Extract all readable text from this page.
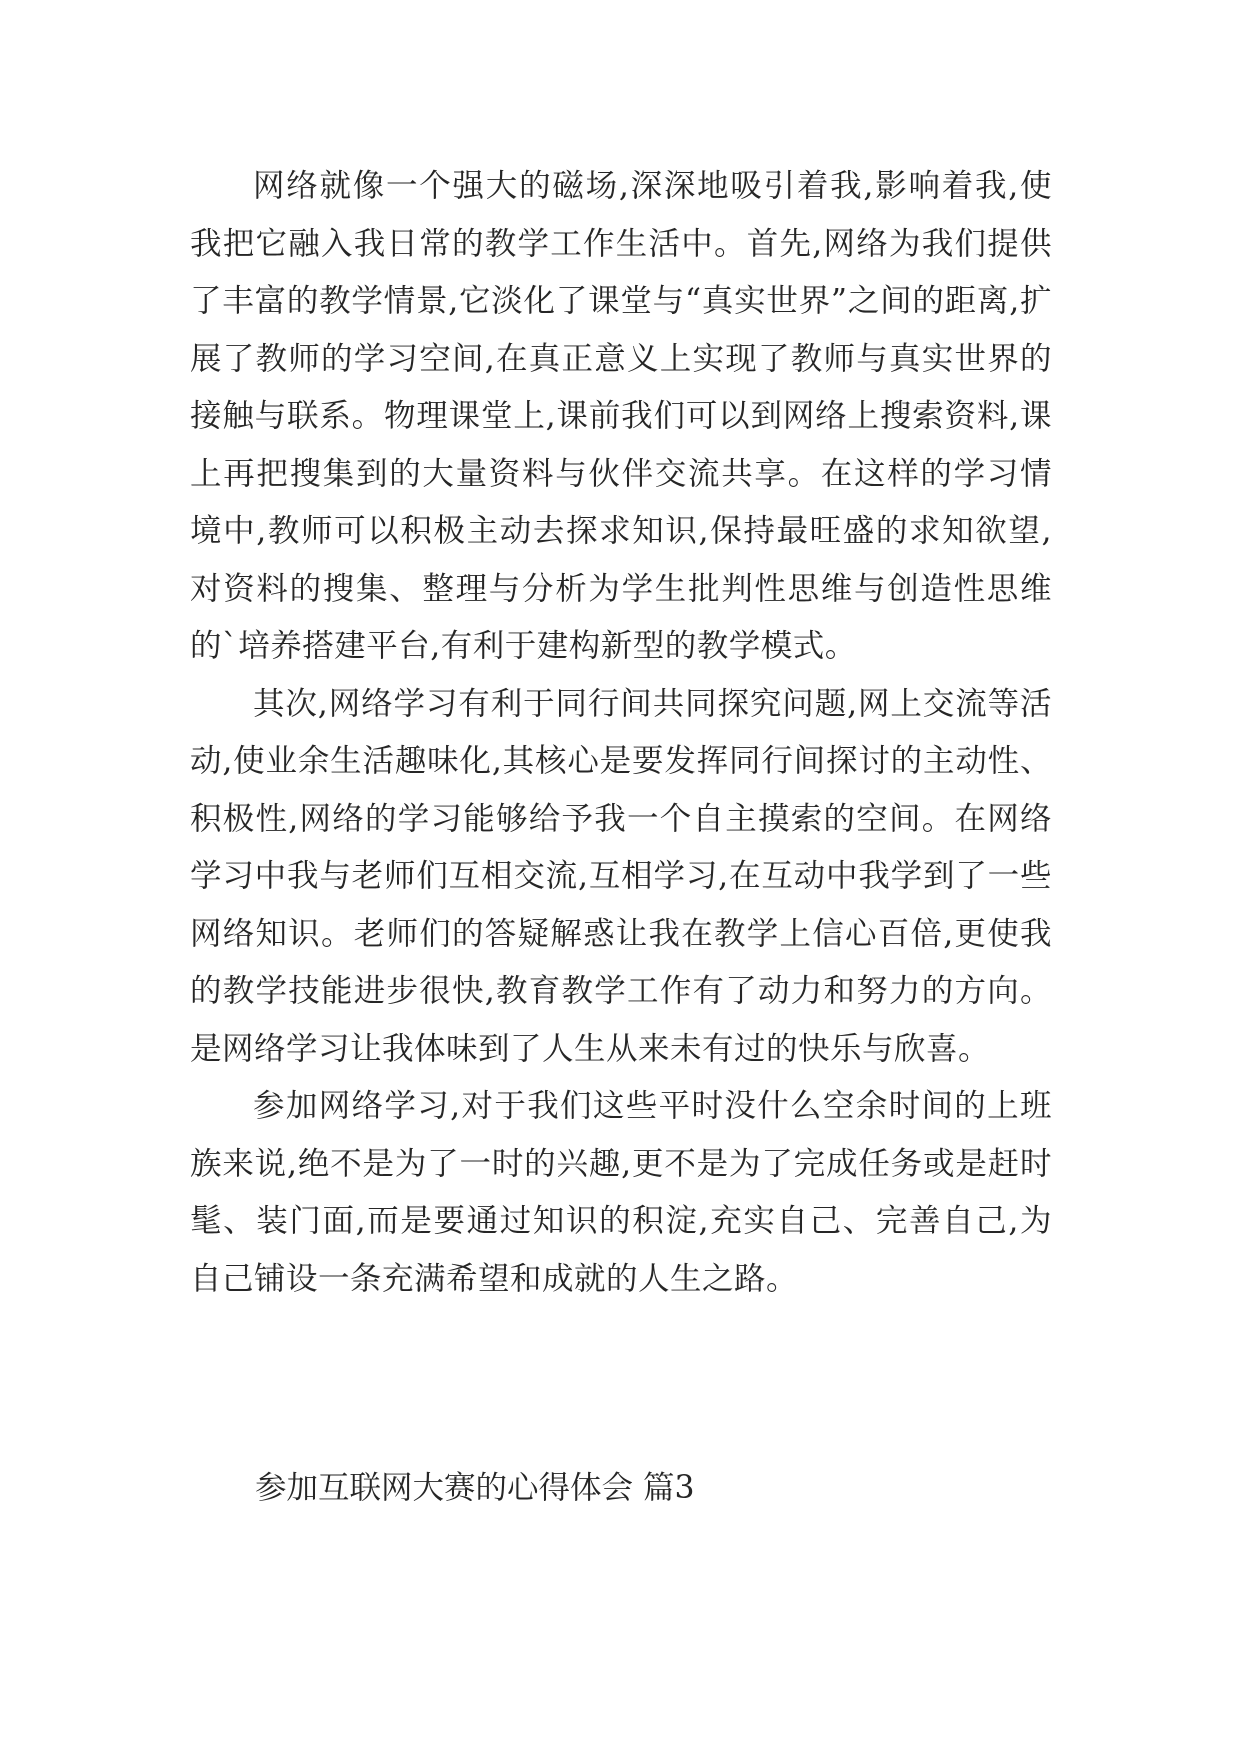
网络就像一个强大的磁场,深深地吸引着我,影响着我,使我把它融入我日常的教学工作生活中。首先,网络为我们提供了丰富的教学情景,它淡化了课堂与“真实世界”之间的距离,扩展了教师的学习空间,在真正意义上实现了教师与真实世界的接触与联系。物理课堂上,课前我们可以到网络上搜索资料,课上再把搜集到的大量资料与伙伴交流共享。在这样的学习情境中,教师可以积极主动去探求知识,保持最旺盛的求知欲望,对资料的搜集、整理与分析为学生批判性思维与创造性思维的`培养搭建平台,有利于建构新型的教学模式。

其次,网络学习有利于同行间共同探究问题,网上交流等活动,使业余生活趣味化,其核心是要发挥同行间探讨的主动性、积极性,网络的学习能够给予我一个自主摸索的空间。在网络学习中我与老师们互相交流,互相学习,在互动中我学到了一些网络知识。老师们的答疑解惑让我在教学上信心百倍,更使我的教学技能进步很快,教育教学工作有了动力和努力的方向。是网络学习让我体味到了人生从来未有过的快乐与欣喜。

参加网络学习,对于我们这些平时没什么空余时间的上班族来说,绝不是为了一时的兴趣,更不是为了完成任务或是赶时髦、装门面,而是要通过知识的积淀,充实自己、完善自己,为自己铺设一条充满希望和成就的人生之路。

参加互联网大赛的心得体会 篇3
